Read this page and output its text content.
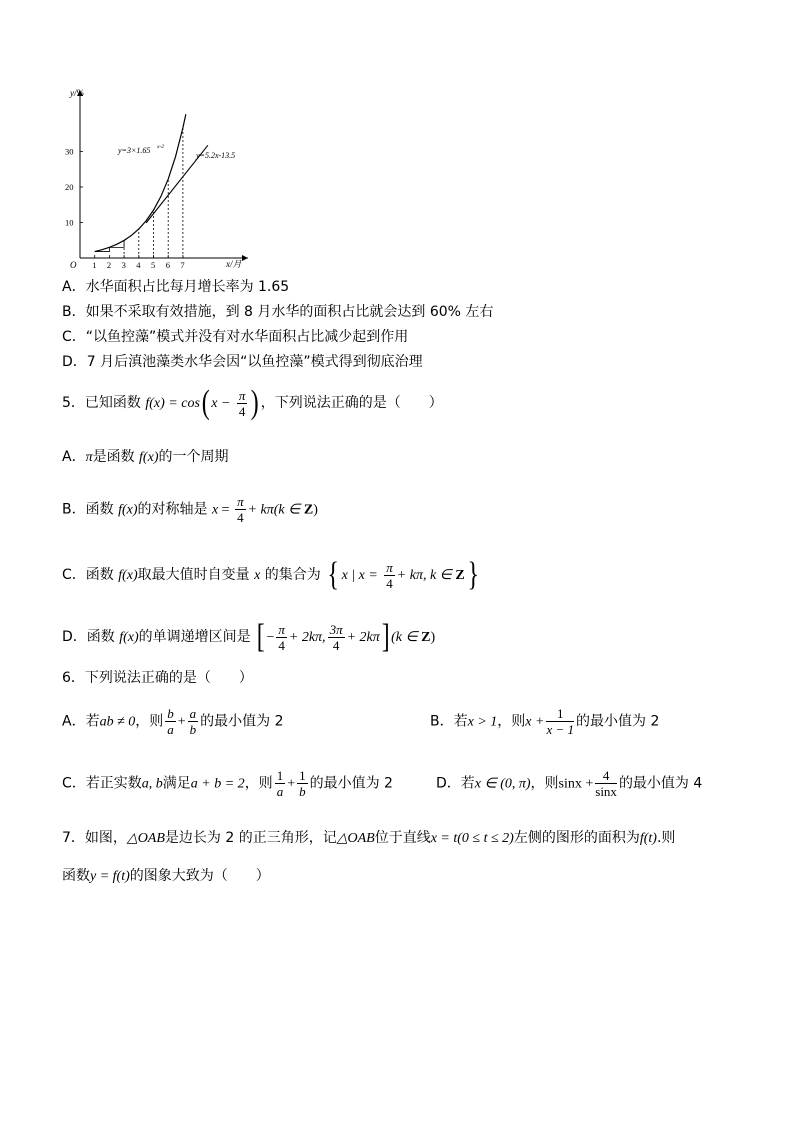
y/%
x/月
O 1 2 3 4 5 6 7
10
20
30	y=3×1.65 x-2
y=5.2x-13.5
A．水华面积占比每月增长率为 1.65
B．如果不采取有效措施，到 8 月水华的面积占比就会达到 60% 左右
C．“以鱼控藻”模式并没有对水华面积占比减少起到作用
D．7 月后滇池藻类水华会因“以鱼控藻”模式得到彻底治理
5．已知函数 f(x) = cos( $x - \frac{\pi}{4}$ ) ，下列说法正确的是（　　）
A．π是函数 f(x)的一个周期
B．函数 f(x)的对称轴是 $x = \frac{\pi}{4} + k\pi(k$ ∈ Z)
C．函数 f(x)取最大值时自变量 x 的集合为 { x | $x = \frac{\pi}{4} + k\pi$, k ∈ Z}
D．函数 f(x)的单调递增区间是 [ − $\frac{\pi}{4} + 2k\pi$, $\frac{3\pi}{4} + 2k\pi$] (k ∈ Z)
6．下列说法正确的是（　　）
A．若ab ≠ 0，则 $\frac{b}{a} + \frac{a}{b}$ 的最小值为 2	B．若x > 1，则$x + \frac{1}{x - 1}$ 的最小值为 2
C．若正实数a, b满足a + b = 2，则 $\frac{1}{a} + \frac{1}{b}$ 的最小值为 2	D．若x ∈ (0, π)，则$\sin x + \frac{4}{\sin x}$ 的最小值为 4
7．如图，△OAB是边长为 2 的正三角形，记△OAB位于直线x = t(0 ≤ t ≤ 2)左侧的图形的面积为f(t).则
函数y = f(t)的图象大致为（　　）
